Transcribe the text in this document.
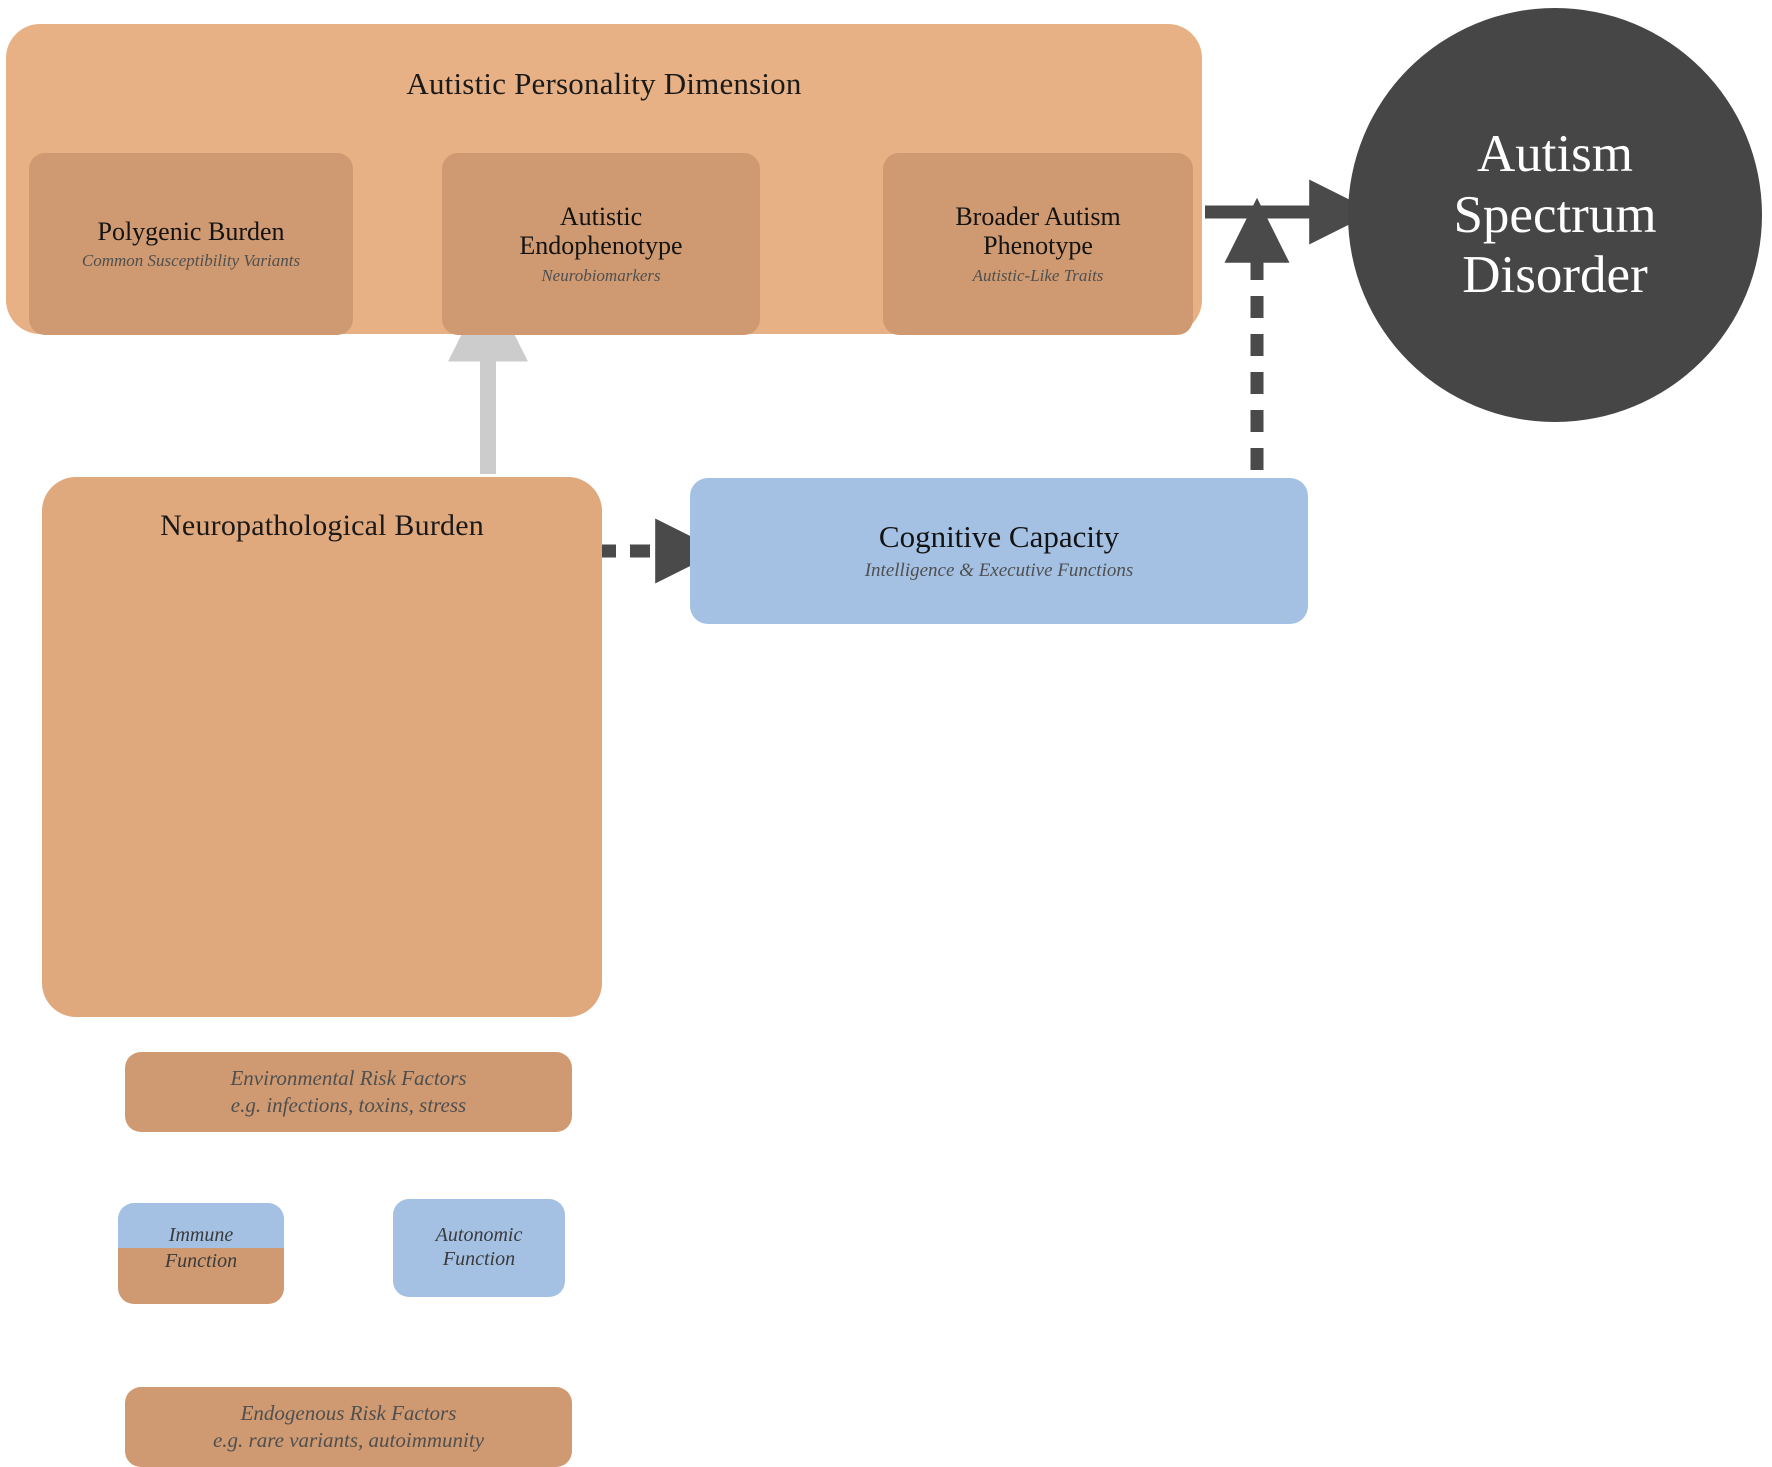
Autistic Personality Dimension
Polygenic Burden
Common Susceptibility Variants
Autistic
Endophenotype
Neurobiomarkers
Broader Autism
Phenotype
Autistic-Like Traits
Neuropathological Burden
Environmental Risk Factors
e.g. infections, toxins, stress
Immune
Function
Autonomic
Function
Endogenous Risk Factors
e.g. rare variants, autoimmunity
Cognitive Capacity
Intelligence & Executive Functions
Autism
Spectrum
Disorder
